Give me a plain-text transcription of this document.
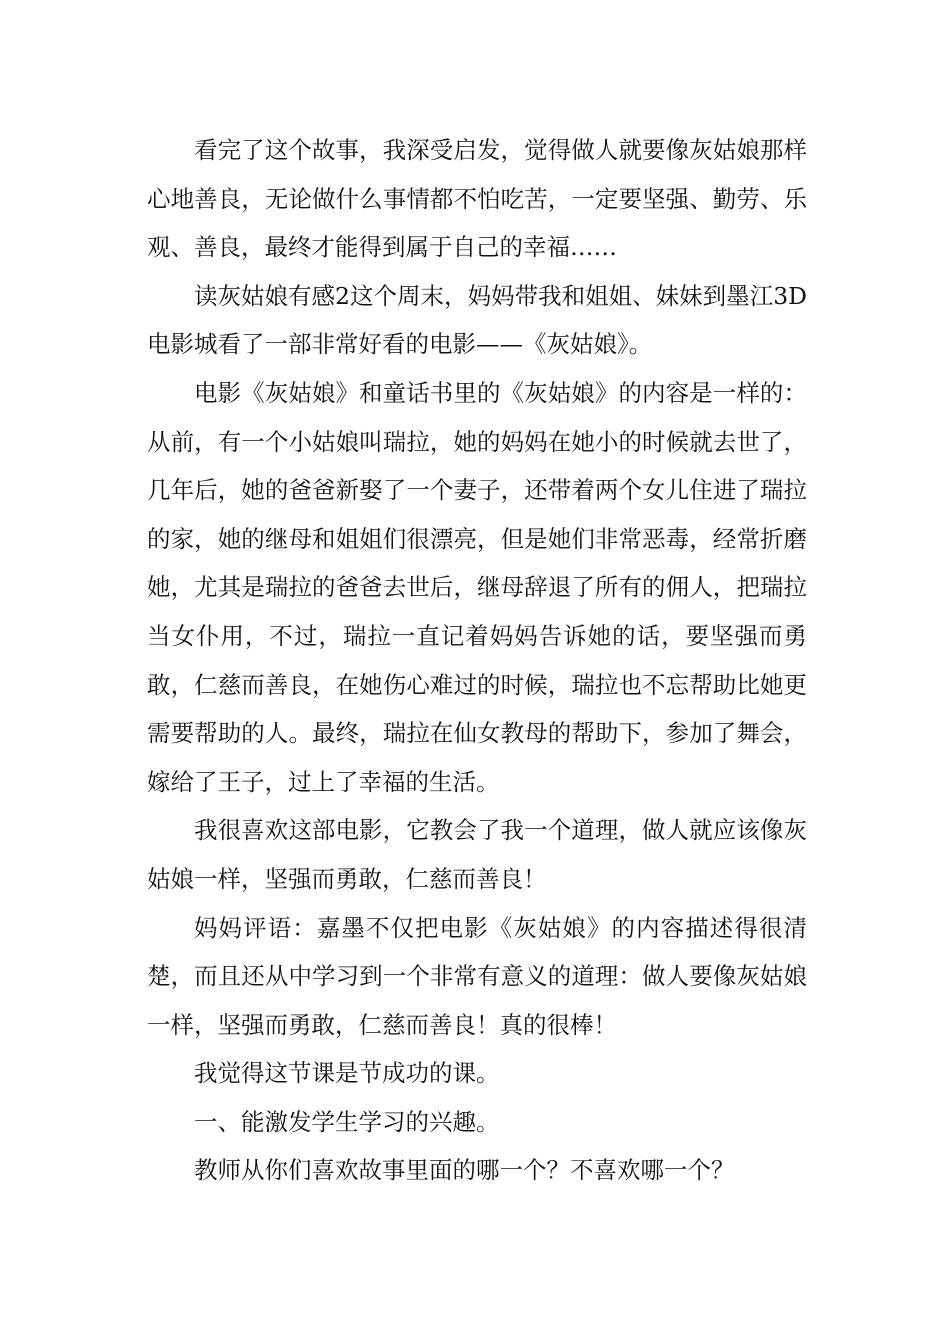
看完了这个故事，我深受启发，觉得做人就要像灰姑娘那样心地善良，无论做什么事情都不怕吃苦，一定要坚强、勤劳、乐观、善良，最终才能得到属于自己的幸福……

读灰姑娘有感2这个周末，妈妈带我和姐姐、妹妹到墨江3D电影城看了一部非常好看的电影——《灰姑娘》。

电影《灰姑娘》和童话书里的《灰姑娘》的内容是一样的：从前，有一个小姑娘叫瑞拉，她的妈妈在她小的时候就去世了，几年后，她的爸爸新娶了一个妻子，还带着两个女儿住进了瑞拉的家，她的继母和姐姐们很漂亮，但是她们非常恶毒，经常折磨她，尤其是瑞拉的爸爸去世后，继母辞退了所有的佣人，把瑞拉当女仆用，不过，瑞拉一直记着妈妈告诉她的话，要坚强而勇敢，仁慈而善良，在她伤心难过的时候，瑞拉也不忘帮助比她更需要帮助的人。最终，瑞拉在仙女教母的帮助下，参加了舞会，嫁给了王子，过上了幸福的生活。

我很喜欢这部电影，它教会了我一个道理，做人就应该像灰姑娘一样，坚强而勇敢，仁慈而善良！

妈妈评语：嘉墨不仅把电影《灰姑娘》的内容描述得很清楚，而且还从中学习到一个非常有意义的道理：做人要像灰姑娘一样，坚强而勇敢，仁慈而善良！真的很棒！

我觉得这节课是节成功的课。

一、能激发学生学习的兴趣。

教师从你们喜欢故事里面的哪一个？不喜欢哪一个？
